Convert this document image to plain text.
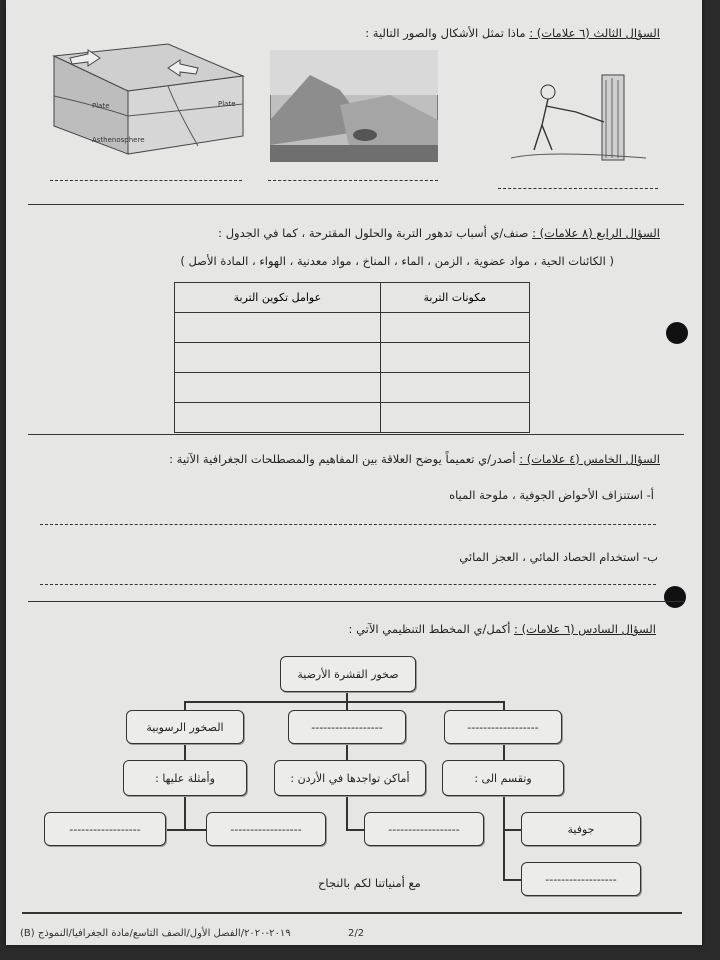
السؤال الثالث (٦ علامات) : ماذا تمثل الأشكال والصور التالية :
Plate	Plate
Asthenosphere
السؤال الرابع (٨ علامات) : صنف/ي أسباب تدهور التربة والحلول المقترحة ، كما في الجدول :
( الكائنات الحية ، مواد عضوية ، الزمن ، الماء ، المناخ ، مواد معدنية ، الهواء ، المادة الأصل )
مكونات التربة	عوامل تكوين التربة

السؤال الخامس (٤ علامات) : أصدر/ي تعميماً يوضح العلاقة بين المفاهيم والمصطلحات الجغرافية الآتية :
أ- استنزاف الأحواض الجوفية ، ملوحة المياه
ب- استخدام الحصاد المائي ، العجز المائي
السؤال السادس (٦ علامات) : أكمل/ي المخطط التنظيمي الآتي :
صخور القشرة الأرضية
------------------
------------------
الصخور الرسوبية
وتقسم الى :
أماكن تواجدها في الأردن :
وأمثلة عليها :
جوفية
------------------
------------------
------------------
------------------
مع أمنياتنا لكم بالنجاح
2/2
٢٠١٩-٢٠٢٠/الفصل الأول/الصف التاسع/مادة الجغرافيا/النموذج (B)
